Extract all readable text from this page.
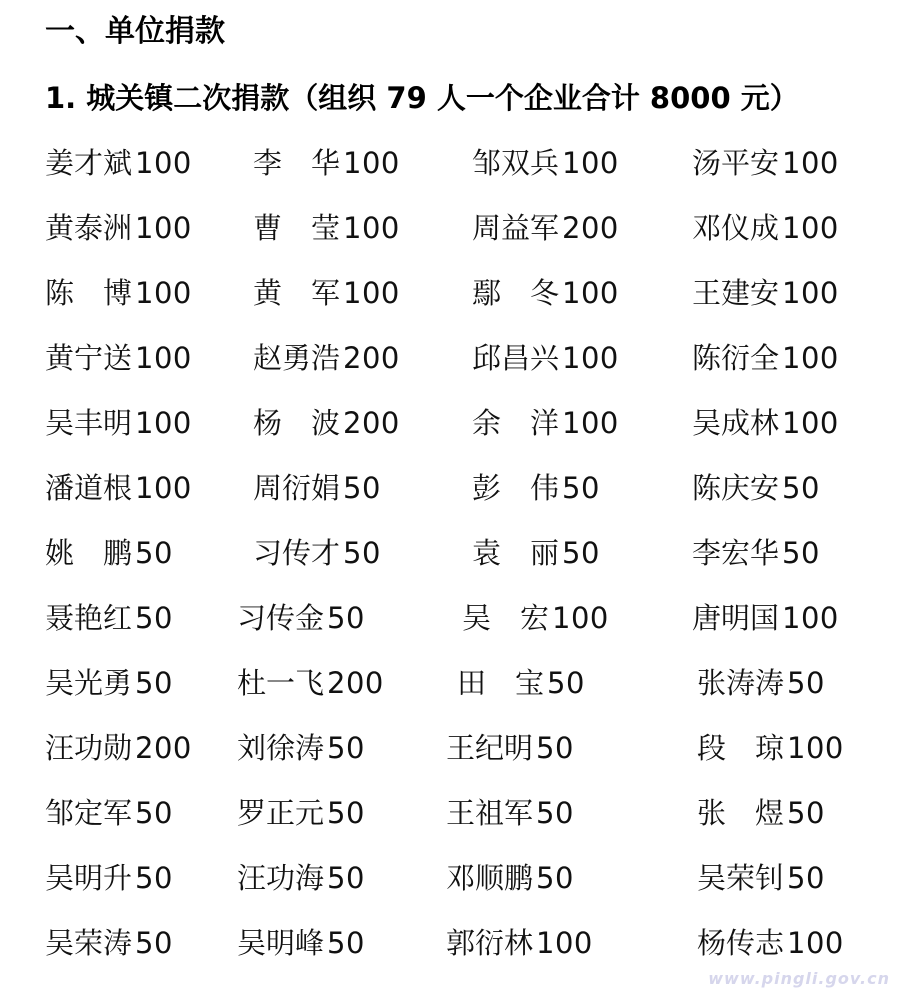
一、单位捐款
1. 城关镇二次捐款（组织 79 人一个企业合计 8000 元）
姜才斌 100 李　华 100 邹双兵 100	汤平安 100
黄泰洲 100 曹　莹 100 周益军 200	邓仪成 100
陈　博 100 黄　军 100 鄢　冬 100	王建安 100
黄宁送 100 赵勇浩 200 邱昌兴 100	陈衍全 100
吴丰明 100 杨　波 200 余　洋 100	吴成林 100
潘道根 100 周衍娟 50	彭　伟 50	陈庆安 50
姚　鹏 50	习传才 50	袁　丽 50	李宏华 50
聂艳红 50 习传金 50	吴　宏 100	唐明国 100
吴光勇 50 杜一飞 200	田　宝 50	张涛涛 50
汪功勋 200 刘徐涛 50	王纪明 50	段　琼 100
邹定军 50 罗正元 50	王祖军 50	张　煜 50
吴明升 50 汪功海 50	邓顺鹏 50	吴荣钊 50
吴荣涛 50 吴明峰 50	郭衍林 100	杨传志 100
www.pingli.gov.cn
